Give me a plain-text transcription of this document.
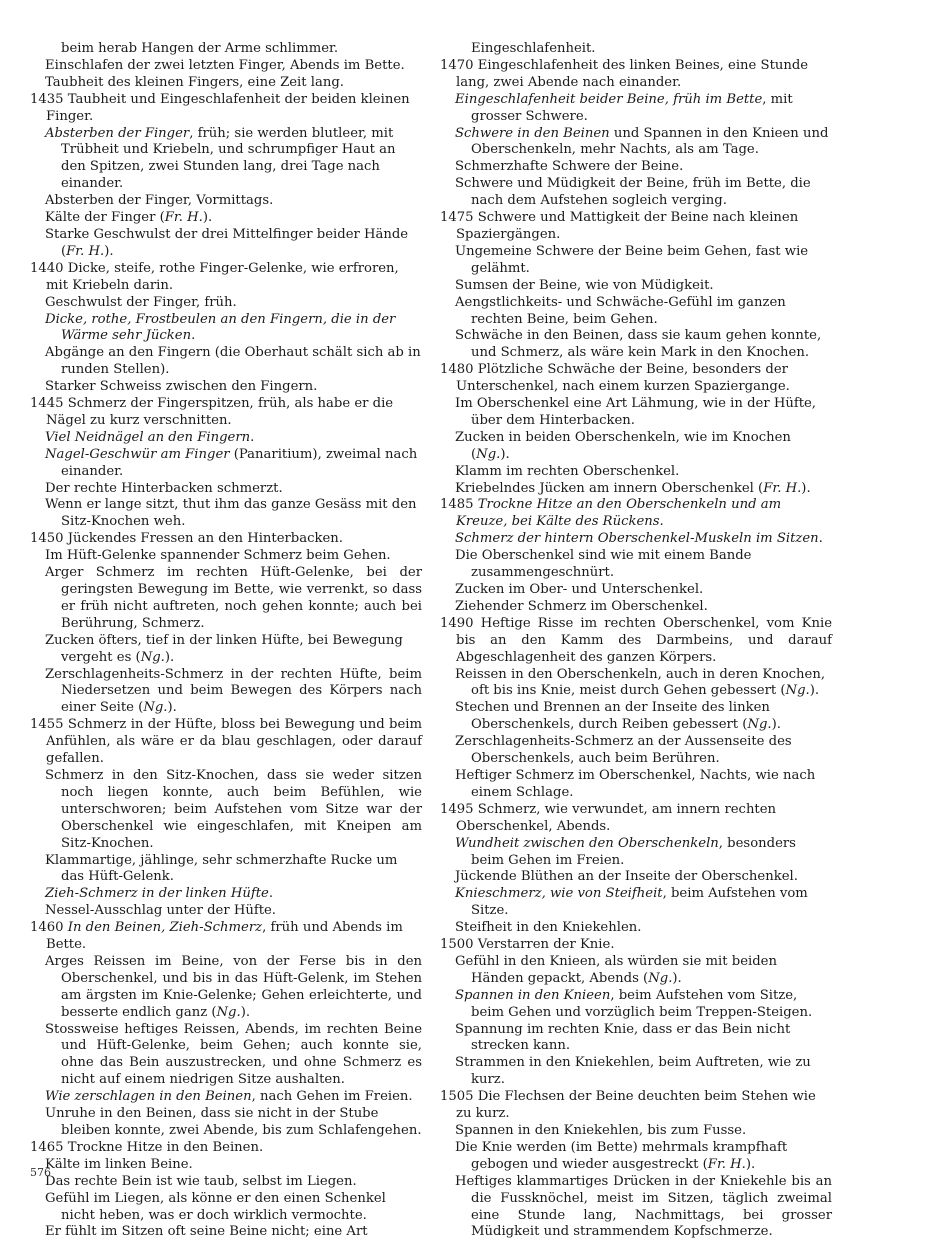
beim herab Hangen der Arme schlimmer.
Einschlafen der zwei letzten Finger, Abends im Bette.
Taubheit des kleinen Fingers, eine Zeit lang.
1435 Taubheit und Eingeschlafenheit der beiden kleinen Finger.
Absterben der Finger, früh; sie werden blutleer, mit Trübheit und Kriebeln, und schrumpfiger Haut an den Spitzen, zwei Stunden lang, drei Tage nach einander.
Absterben der Finger, Vormittags.
Kälte der Finger (Fr. H.).
Starke Geschwulst der drei Mittelfinger beider Hände (Fr. H.).
1440 Dicke, steife, rothe Finger-Gelenke, wie erfroren, mit Kriebeln darin.
Geschwulst der Finger, früh.
Dicke, rothe, Frostbeulen an den Fingern, die in der Wärme sehr Jücken.
Abgänge an den Fingern (die Oberhaut schält sich ab in runden Stellen).
Starker Schweiss zwischen den Fingern.
1445 Schmerz der Fingerspitzen, früh, als habe er die Nägel zu kurz verschnitten.
Viel Neidnägel an den Fingern.
Nagel-Geschwür am Finger (Panaritium), zweimal nach einander.
Der rechte Hinterbacken schmerzt.
Wenn er lange sitzt, thut ihm das ganze Gesäss mit den Sitz-Knochen weh.
1450 Jückendes Fressen an den Hinterbacken.
Im Hüft-Gelenke spannender Schmerz beim Gehen.
Arger Schmerz im rechten Hüft-Gelenke, bei der geringsten Bewegung im Bette, wie verrenkt, so dass er früh nicht auftreten, noch gehen konnte; auch bei Berührung, Schmerz.
Zucken öfters, tief in der linken Hüfte, bei Bewegung vergeht es (Ng.).
Zerschlagenheits-Schmerz in der rechten Hüfte, beim Niedersetzen und beim Bewegen des Körpers nach einer Seite (Ng.).
1455 Schmerz in der Hüfte, bloss bei Bewegung und beim Anfühlen, als wäre er da blau geschlagen, oder darauf gefallen.
Schmerz in den Sitz-Knochen, dass sie weder sitzen noch liegen konnte, auch beim Befühlen, wie unterschworen; beim Aufstehen vom Sitze war der Oberschenkel wie eingeschlafen, mit Kneipen am Sitz-Knochen.
Klammartige, jählinge, sehr schmerzhafte Rucke um das Hüft-Gelenk.
Zieh-Schmerz in der linken Hüfte.
Nessel-Ausschlag unter der Hüfte.
1460 In den Beinen, Zieh-Schmerz, früh und Abends im Bette.
Arges Reissen im Beine, von der Ferse bis in den Oberschenkel, und bis in das Hüft-Gelenk, im Stehen am ärgsten im Knie-Gelenke; Gehen erleichterte, und besserte endlich ganz (Ng.).
Stossweise heftiges Reissen, Abends, im rechten Beine und Hüft-Gelenke, beim Gehen; auch konnte sie, ohne das Bein auszustrecken, und ohne Schmerz es nicht auf einem niedrigen Sitze aushalten.
Wie zerschlagen in den Beinen, nach Gehen im Freien.
Unruhe in den Beinen, dass sie nicht in der Stube bleiben konnte, zwei Abende, bis zum Schlafengehen.
1465 Trockne Hitze in den Beinen.
Kälte im linken Beine.
Das rechte Bein ist wie taub, selbst im Liegen.
Gefühl im Liegen, als könne er den einen Schenkel nicht heben, was er doch wirklich vermochte.
Er fühlt im Sitzen oft seine Beine nicht; eine Art
Eingeschlafenheit.
1470 Eingeschlafenheit des linken Beines, eine Stunde lang, zwei Abende nach einander.
Eingeschlafenheit beider Beine, früh im Bette, mit grosser Schwere.
Schwere in den Beinen und Spannen in den Knieen und Oberschenkeln, mehr Nachts, als am Tage.
Schmerzhafte Schwere der Beine.
Schwere und Müdigkeit der Beine, früh im Bette, die nach dem Aufstehen sogleich verging.
1475 Schwere und Mattigkeit der Beine nach kleinen Spaziergängen.
Ungemeine Schwere der Beine beim Gehen, fast wie gelähmt.
Sumsen der Beine, wie von Müdigkeit.
Aengstlichkeits- und Schwäche-Gefühl im ganzen rechten Beine, beim Gehen.
Schwäche in den Beinen, dass sie kaum gehen konnte, und Schmerz, als wäre kein Mark in den Knochen.
1480 Plötzliche Schwäche der Beine, besonders der Unterschenkel, nach einem kurzen Spaziergange.
Im Oberschenkel eine Art Lähmung, wie in der Hüfte, über dem Hinterbacken.
Zucken in beiden Oberschenkeln, wie im Knochen (Ng.).
Klamm im rechten Oberschenkel.
Kriebelndes Jücken am innern Oberschenkel (Fr. H.).
1485 Trockne Hitze an den Oberschenkeln und am Kreuze, bei Kälte des Rückens.
Schmerz der hintern Oberschenkel-Muskeln im Sitzen.
Die Oberschenkel sind wie mit einem Bande zusammengeschnürt.
Zucken im Ober- und Unterschenkel.
Ziehender Schmerz im Oberschenkel.
1490 Heftige Risse im rechten Oberschenkel, vom Knie bis an den Kamm des Darmbeins, und darauf Abgeschlagenheit des ganzen Körpers.
Reissen in den Oberschenkeln, auch in deren Knochen, oft bis ins Knie, meist durch Gehen gebessert (Ng.).
Stechen und Brennen an der Inseite des linken Oberschenkels, durch Reiben gebessert (Ng.).
Zerschlagenheits-Schmerz an der Aussenseite des Oberschenkels, auch beim Berühren.
Heftiger Schmerz im Oberschenkel, Nachts, wie nach einem Schlage.
1495 Schmerz, wie verwundet, am innern rechten Oberschenkel, Abends.
Wundheit zwischen den Oberschenkeln, besonders beim Gehen im Freien.
Jückende Blüthen an der Inseite der Oberschenkel.
Knieschmerz, wie von Steifheit, beim Aufstehen vom Sitze.
Steifheit in den Kniekehlen.
1500 Verstarren der Knie.
Gefühl in den Knieen, als würden sie mit beiden Händen gepackt, Abends (Ng.).
Spannen in den Knieen, beim Aufstehen vom Sitze, beim Gehen und vorzüglich beim Treppen-Steigen.
Spannung im rechten Knie, dass er das Bein nicht strecken kann.
Strammen in den Kniekehlen, beim Auftreten, wie zu kurz.
1505 Die Flechsen der Beine deuchten beim Stehen wie zu kurz.
Spannen in den Kniekehlen, bis zum Fusse.
Die Knie werden (im Bette) mehrmals krampfhaft gebogen und wieder ausgestreckt (Fr. H.).
Heftiges klammartiges Drücken in der Kniekehle bis an die Fussknöchel, meist im Sitzen, täglich zweimal eine Stunde lang, Nachmittags, bei grosser Müdigkeit und strammendem Kopfschmerze.
576
